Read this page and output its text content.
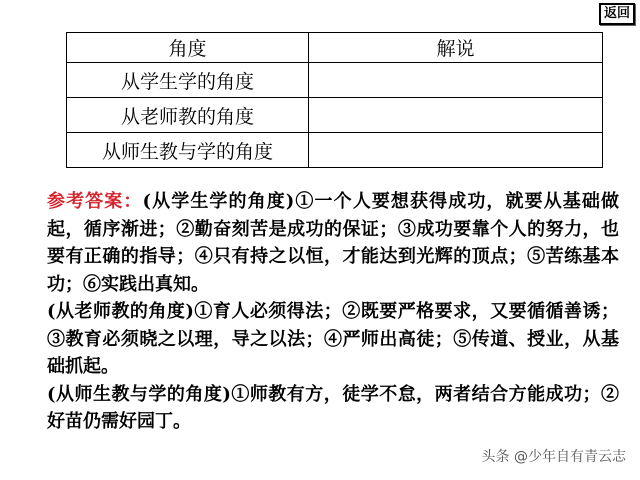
返回
角度	解说
从学生学的角度	
从老师教的角度	
从师生教与学的角度	

参考答案：(从学生学的角度)①一个人要想获得成功，就要从基础做起，循序渐进；②勤奋刻苦是成功的保证；③成功要靠个人的努力，也要有正确的指导；④只有持之以恒，才能达到光辉的顶点；⑤苦练基本功；⑥实践出真知。

(从老师教的角度)①育人必须得法；②既要严格要求，又要循循善诱；③教育必须晓之以理，导之以法；④严师出高徒；⑤传道、授业，从基础抓起。

(从师生教与学的角度)①师教有方，徒学不怠，两者结合方能成功；②好苗仍需好园丁。

头条 @少年自有青云志
